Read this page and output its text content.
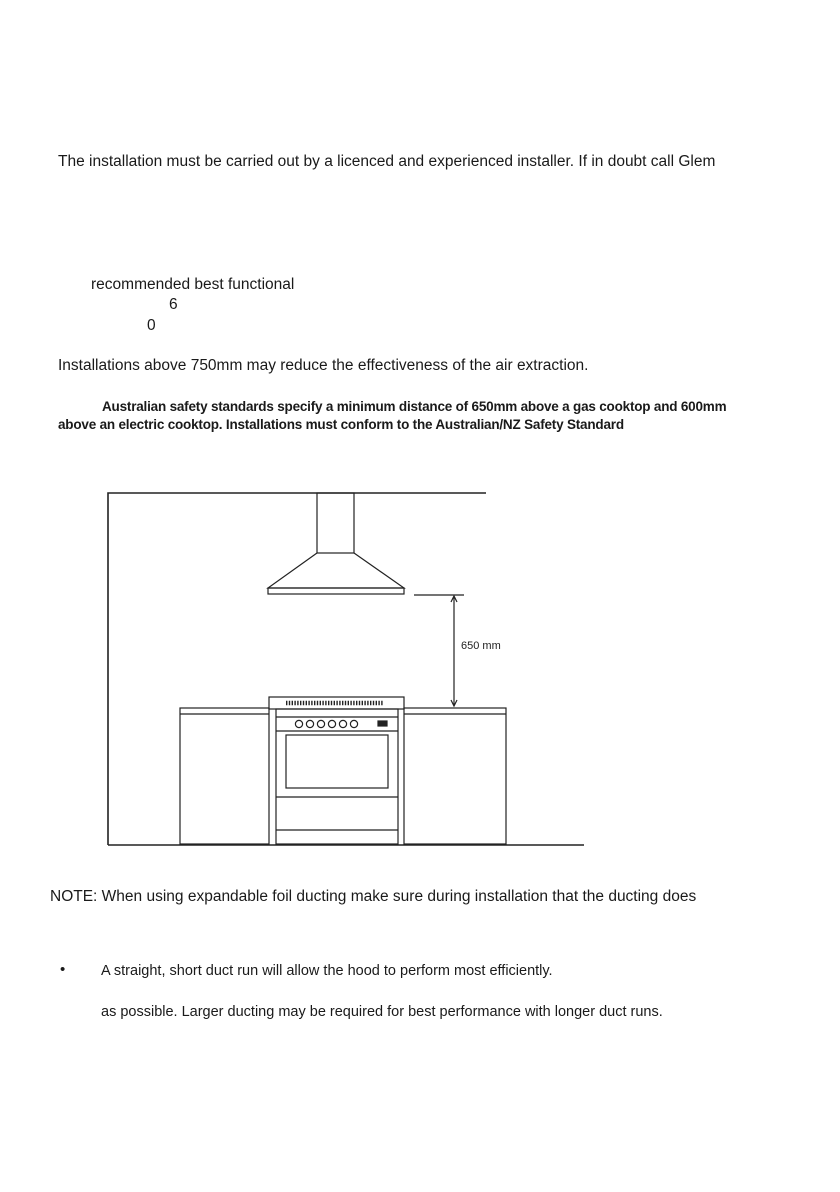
The installation must be carried out by a licenced and experienced installer. If in doubt call Glem
recommended best functional
6
0
Installations above 750mm may reduce the effectiveness of the air extraction.
Australian safety standards specify a minimum distance of 650mm above a gas cooktop and 600mm
above an electric cooktop. Installations must conform to the Australian/NZ Safety Standard
650 mm
NOTE: When using expandable foil ducting make sure during installation that the ducting does
• A straight, short duct run will allow the hood to perform most efficiently.
as possible. Larger ducting may be required for best performance with longer duct runs.
